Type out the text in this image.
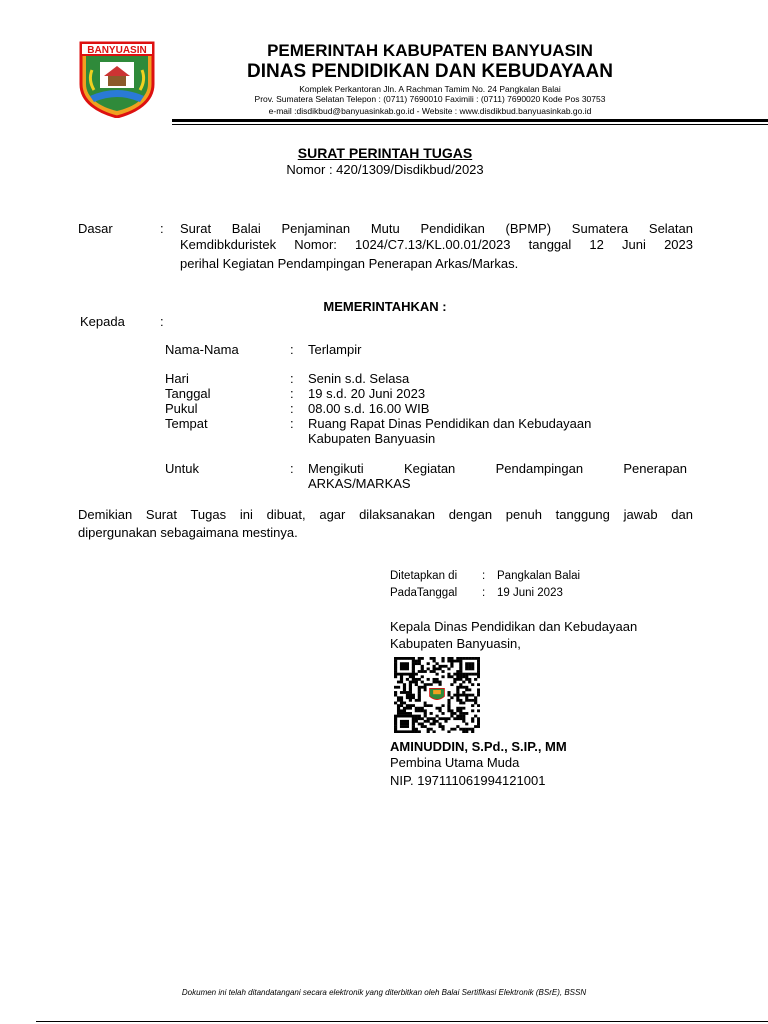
BANYUASIN	PEMERINTAH KABUPATEN BANYUASIN
DINAS PENDIDIKAN DAN KEBUDAYAAN
Komplek Perkantoran Jln. A Rachman Tamim No. 24 Pangkalan Balai
Prov. Sumatera Selatan Telepon : (0711) 7690010 Faximili : (0711) 7690020 Kode Pos 30753
e-mail :disdikbud@banyuasinkab.go.id - Website : www.disdikbud.banyuasinkab.go.id
SURAT PERINTAH TUGAS
Nomor : 420/1309/Disdikbud/2023
Dasar	: Surat Balai Penjaminan Mutu Pendidikan (BPMP) Sumatera Selatan
Kemdibkduristek Nomor: 1024/C7.13/KL.00.01/2023 tanggal 12 Juni 2023
perihal Kegiatan Pendampingan Penerapan Arkas/Markas.
MEMERINTAHKAN :
Kepada	:
Nama-Nama	: Terlampir
Hari	: Senin s.d. Selasa
Tanggal	: 19 s.d. 20 Juni 2023
Pukul	: 08.00 s.d. 16.00 WIB
Tempat	: Ruang Rapat Dinas Pendidikan dan Kebudayaan
Kabupaten Banyuasin
Untuk	: Mengikuti Kegiatan Pendampingan Penerapan
ARKAS/MARKAS
Demikian Surat Tugas ini dibuat, agar dilaksanakan dengan penuh tanggung jawab dan
dipergunakan sebagaimana mestinya.
Ditetapkan di : Pangkalan Balai
PadaTanggal : 19 Juni 2023
Kepala Dinas Pendidikan dan Kebudayaan
Kabupaten Banyuasin,
AMINUDDIN, S.Pd., S.IP., MM
Pembina Utama Muda
NIP. 197111061994121001
Dokumen ini telah ditandatangani secara elektronik yang diterbitkan oleh Balai Sertifikasi Elektronik (BSrE), BSSN
